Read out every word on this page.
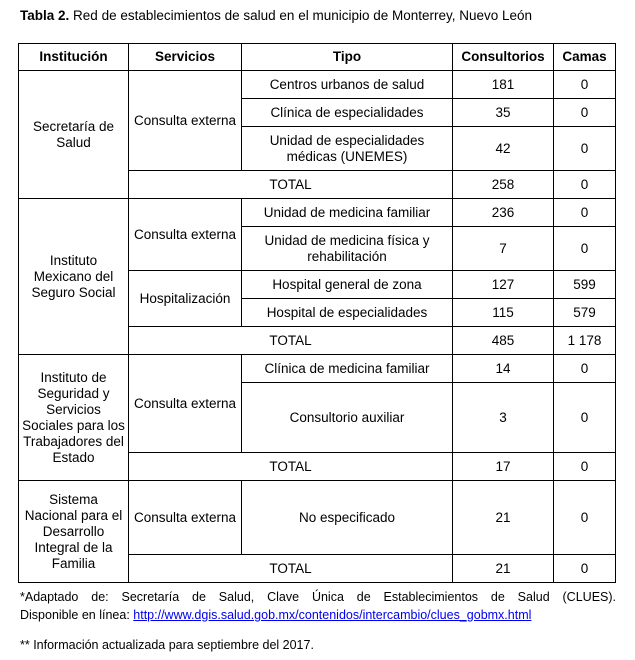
Tabla 2. Red de establecimientos de salud en el municipio de Monterrey, Nuevo León
Institución	Servicios	Tipo	Consultorios	Camas
Secretaría de Salud	Consulta externa	Centros urbanos de salud	181	0
		Clínica de especialidades	35	0
		Unidad de especialidades médicas (UNEMES)	42	0
	TOTAL		258	0
Instituto Mexicano del Seguro Social	Consulta externa	Unidad de medicina familiar	236	0
		Unidad de medicina física y rehabilitación	7	0
	Hospitalización	Hospital general de zona	127	599
		Hospital de especialidades	115	579
	TOTAL		485	1 178
Instituto de Seguridad y Servicios Sociales para los Trabajadores del Estado	Consulta externa	Clínica de medicina familiar	14	0
		Consultorio auxiliar	3	0
	TOTAL		17	0
Sistema Nacional para el Desarrollo Integral de la Familia	Consulta externa	No especificado	21	0
	TOTAL		21	0
*Adaptado de: Secretaría de Salud, Clave Única de Establecimientos de Salud (CLUES).
Disponible en línea: http://www.dgis.salud.gob.mx/contenidos/intercambio/clues_gobmx.html
** Información actualizada para septiembre del 2017.
